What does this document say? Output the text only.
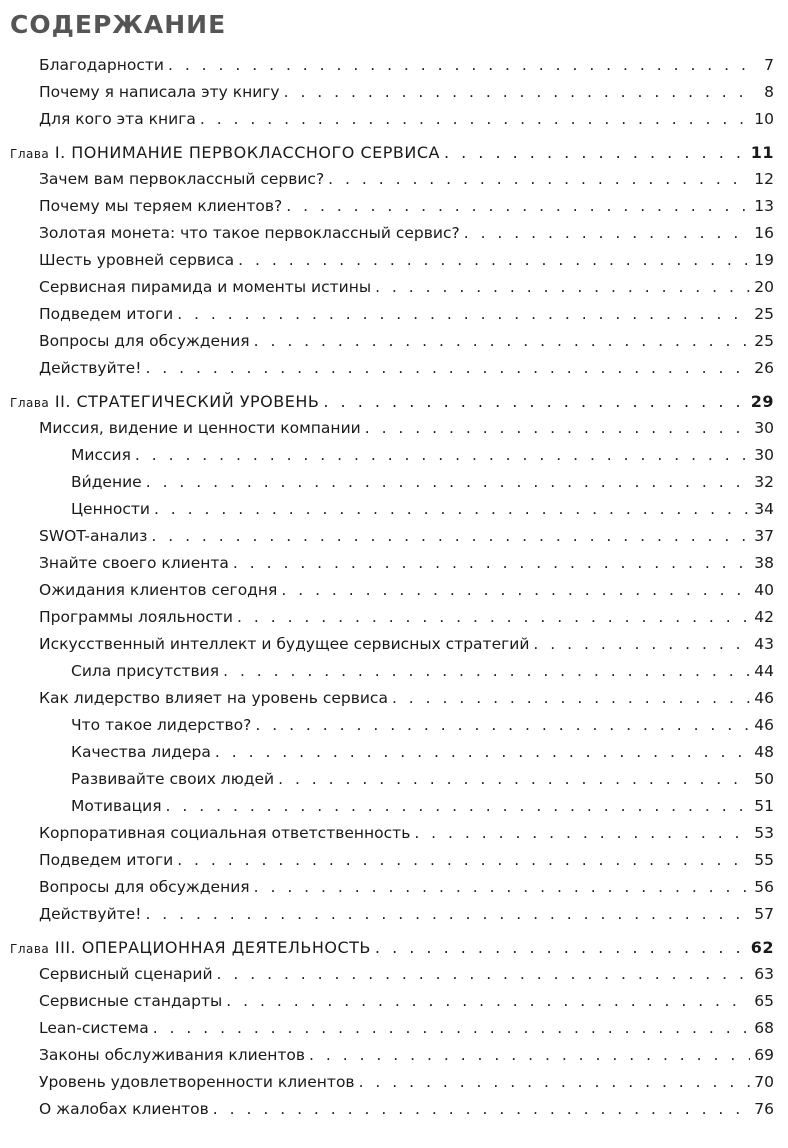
СОДЕРЖАНИЕ
Благодарности . . .	7
Почему я написала эту книгу . . .	8
Для кого эта книга . . .	10
Глава I. ПОНИМАНИЕ ПЕРВОКЛАССНОГО СЕРВИСА . . .	11
Зачем вам первоклассный сервис? . . .	12
Почему мы теряем клиентов? . . .	13
Золотая монета: что такое первоклассный сервис? . . .	16
Шесть уровней сервиса . . .	19
Сервисная пирамида и моменты истины . . .	20
Подведем итоги . . .	25
Вопросы для обсуждения . . .	25
Действуйте! . . .	26
Глава II. СТРАТЕГИЧЕСКИЙ УРОВЕНЬ . . .	29
Миссия, видение и ценности компании . . .	30
Миссия . . .	30
Ви́дение . . .	32
Ценности . . .	34
SWOT-анализ . . .	37
Знайте своего клиента . . .	38
Ожидания клиентов сегодня . . .	40
Программы лояльности . . .	42
Искусственный интеллект и будущее сервисных стратегий . . .	43
Сила присутствия . . .	44
Как лидерство влияет на уровень сервиса . . .	46
Что такое лидерство? . . .	46
Качества лидера . . .	48
Развивайте своих людей . . .	50
Мотивация . . .	51
Корпоративная социальная ответственность . . .	53
Подведем итоги . . .	55
Вопросы для обсуждения . . .	56
Действуйте! . . .	57
Глава III. ОПЕРАЦИОННАЯ ДЕЯТЕЛЬНОСТЬ . . .	62
Сервисный сценарий . . .	63
Сервисные стандарты . . .	65
Lean-система . . .	68
Законы обслуживания клиентов . . .	69
Уровень удовлетворенности клиентов . . .	70
О жалобах клиентов . . .	76
